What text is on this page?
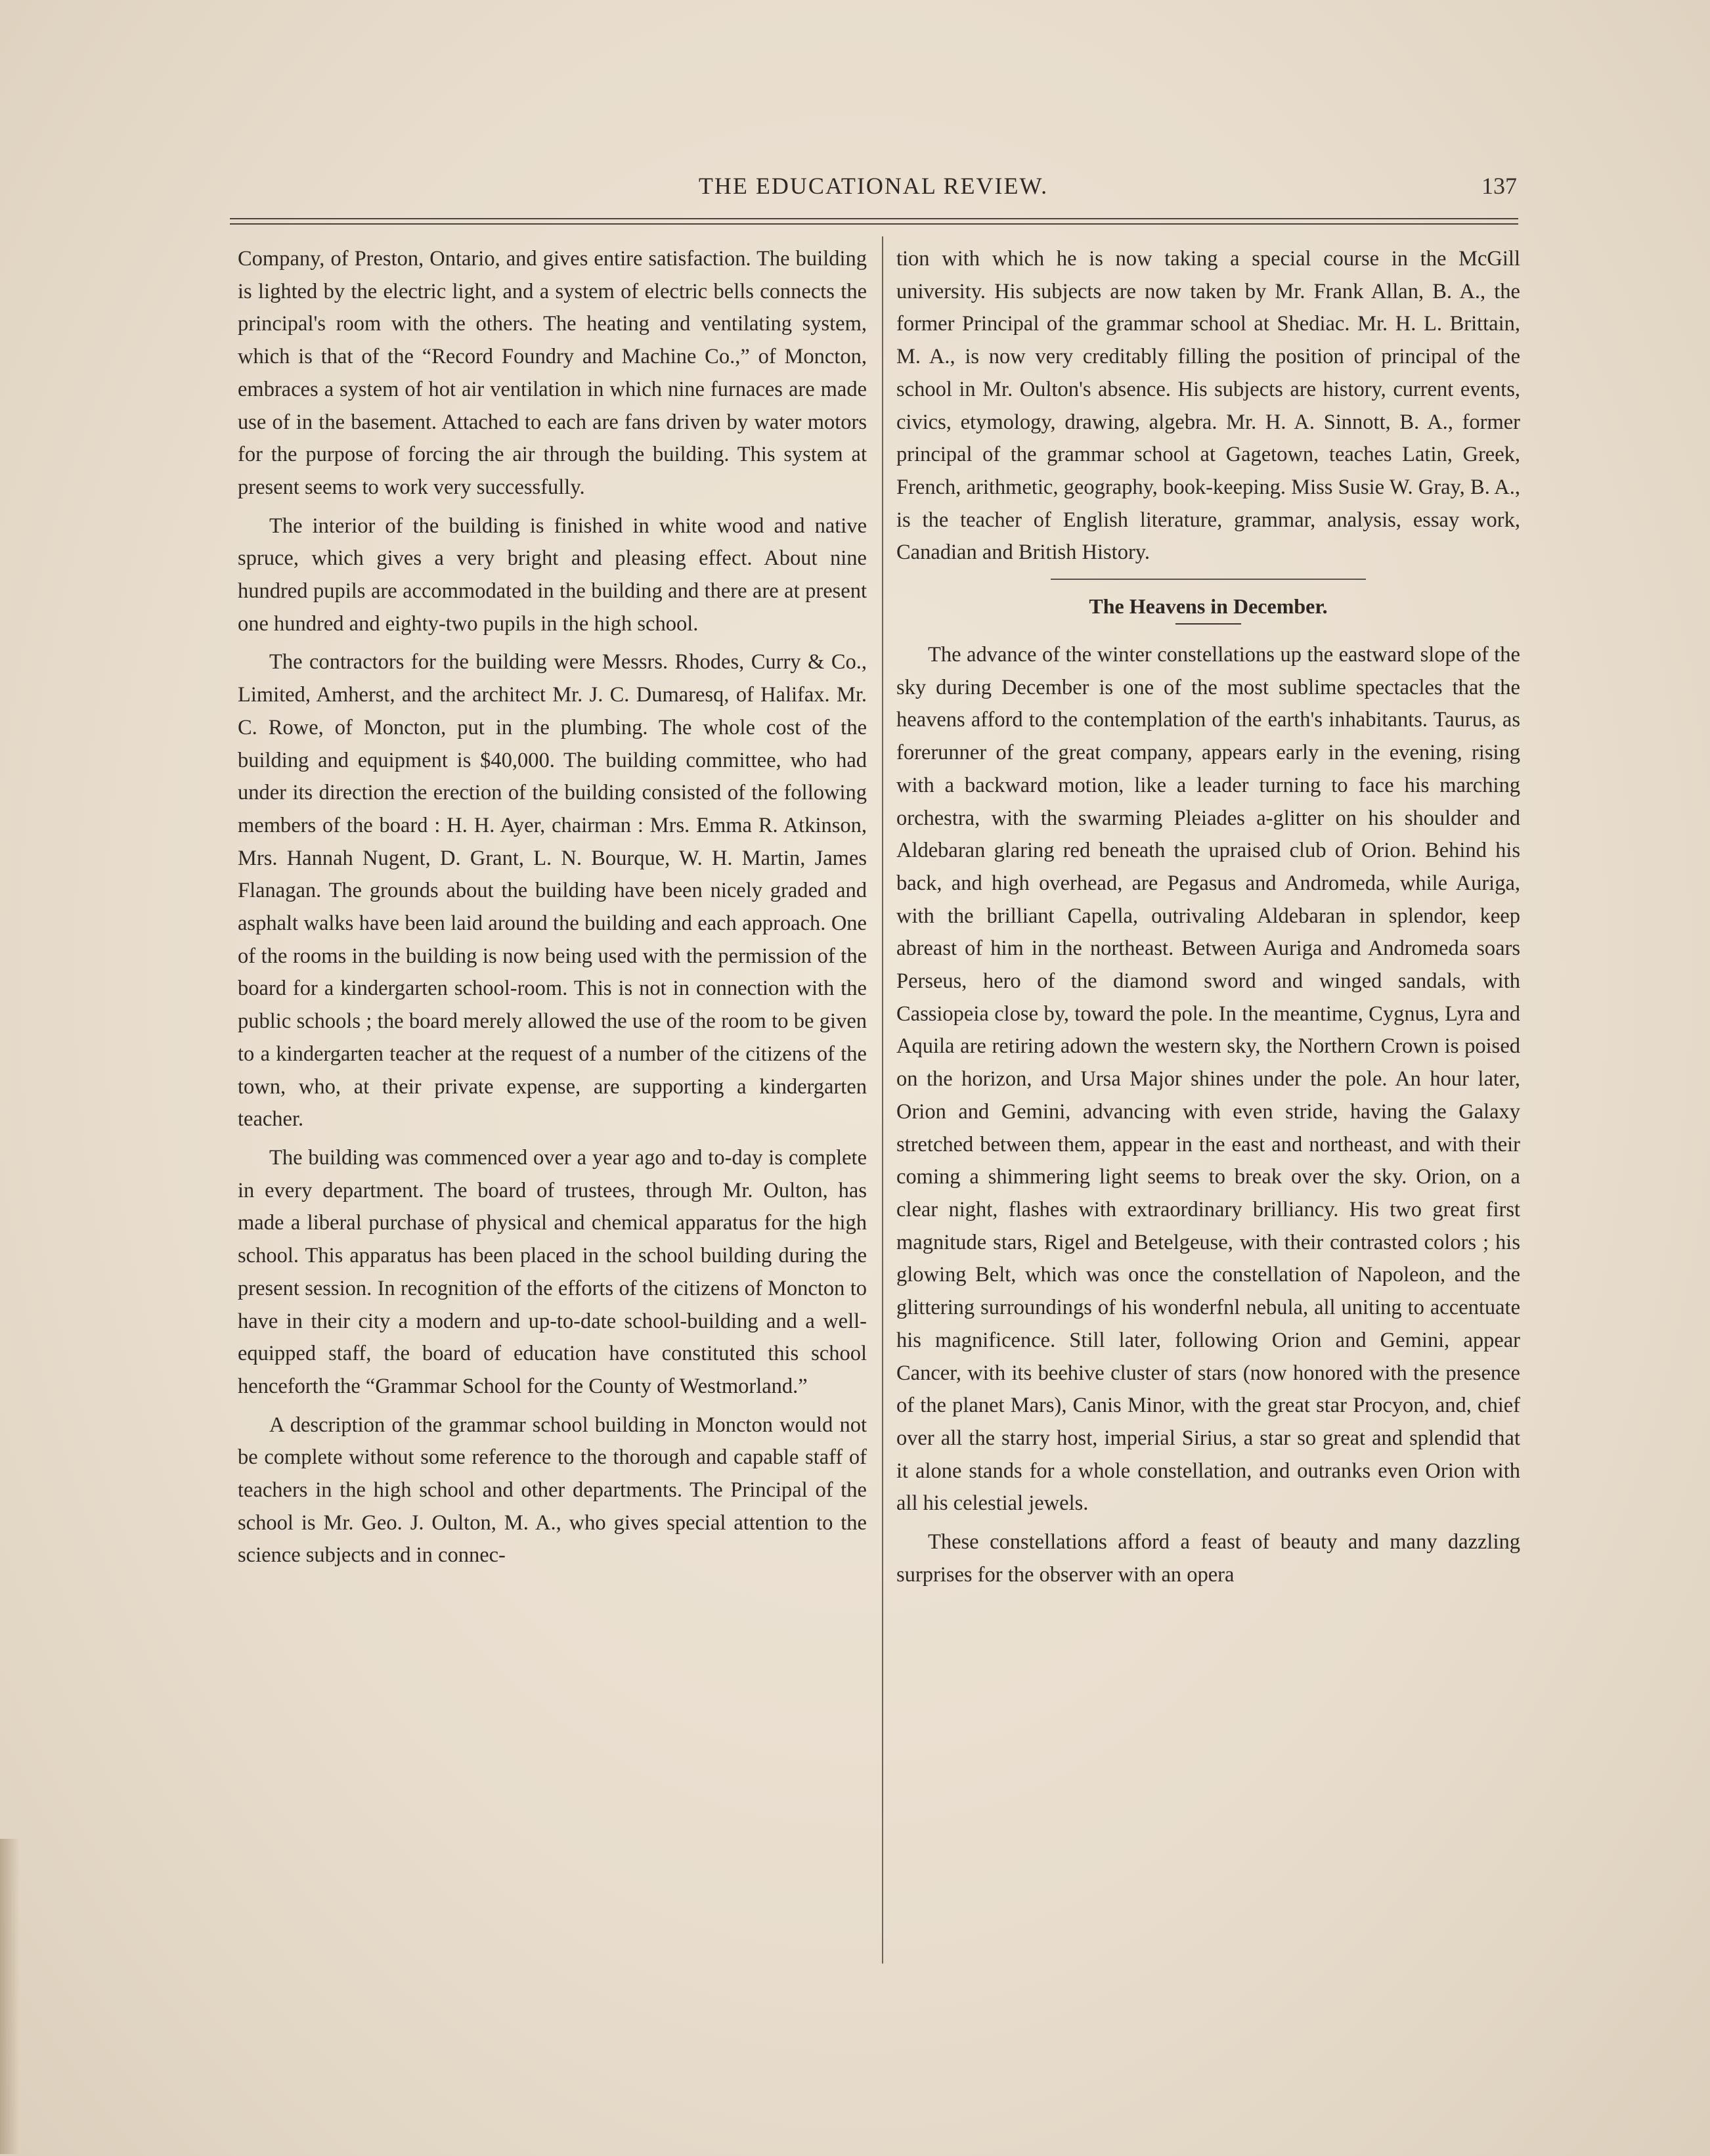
THE EDUCATIONAL REVIEW.	137

Company, of Preston, Ontario, and gives entire satisfaction. The building is lighted by the electric light, and a system of electric bells connects the principal's room with the others. The heating and ventilating system, which is that of the “Record Foundry and Machine Co.,” of Moncton, embraces a system of hot air ventilation in which nine furnaces are made use of in the basement. Attached to each are fans driven by water motors for the purpose of forcing the air through the building. This system at present seems to work very successfully.

The interior of the building is finished in white wood and native spruce, which gives a very bright and pleasing effect. About nine hundred pupils are accommodated in the building and there are at present one hundred and eighty-two pupils in the high school.

The contractors for the building were Messrs. Rhodes, Curry & Co., Limited, Amherst, and the architect Mr. J. C. Dumaresq, of Halifax. Mr. C. Rowe, of Moncton, put in the plumbing. The whole cost of the building and equipment is $40,000. The building committee, who had under its direction the erection of the building consisted of the following members of the board : H. H. Ayer, chairman : Mrs. Emma R. Atkinson, Mrs. Hannah Nugent, D. Grant, L. N. Bourque, W. H. Martin, James Flanagan. The grounds about the building have been nicely graded and asphalt walks have been laid around the building and each approach. One of the rooms in the building is now being used with the permission of the board for a kindergarten school-room. This is not in connection with the public schools ; the board merely allowed the use of the room to be given to a kindergarten teacher at the request of a number of the citizens of the town, who, at their private expense, are supporting a kindergarten teacher.

The building was commenced over a year ago and to-day is complete in every department. The board of trustees, through Mr. Oulton, has made a liberal purchase of physical and chemical apparatus for the high school. This apparatus has been placed in the school building during the present session. In recognition of the efforts of the citizens of Moncton to have in their city a modern and up-to-date school-building and a well-equipped staff, the board of education have constituted this school henceforth the “Grammar School for the County of Westmorland.”

A description of the grammar school building in Moncton would not be complete without some reference to the thorough and capable staff of teachers in the high school and other departments. The Principal of the school is Mr. Geo. J. Oulton, M. A., who gives special attention to the science subjects and in connec-

tion with which he is now taking a special course in the McGill university. His subjects are now taken by Mr. Frank Allan, B. A., the former Principal of the grammar school at Shediac. Mr. H. L. Brittain, M. A., is now very creditably filling the position of principal of the school in Mr. Oulton's absence. His subjects are history, current events, civics, etymology, drawing, algebra. Mr. H. A. Sinnott, B. A., former principal of the grammar school at Gagetown, teaches Latin, Greek, French, arithmetic, geography, book-keeping. Miss Susie W. Gray, B. A., is the teacher of English literature, grammar, analysis, essay work, Canadian and British History.

The Heavens in December.

The advance of the winter constellations up the eastward slope of the sky during December is one of the most sublime spectacles that the heavens afford to the contemplation of the earth's inhabitants. Taurus, as forerunner of the great company, appears early in the evening, rising with a backward motion, like a leader turning to face his marching orchestra, with the swarming Pleiades a-glitter on his shoulder and Aldebaran glaring red beneath the upraised club of Orion. Behind his back, and high overhead, are Pegasus and Andromeda, while Auriga, with the brilliant Capella, outrivaling Aldebaran in splendor, keep abreast of him in the northeast. Between Auriga and Andromeda soars Perseus, hero of the diamond sword and winged sandals, with Cassiopeia close by, toward the pole. In the meantime, Cygnus, Lyra and Aquila are retiring adown the western sky, the Northern Crown is poised on the horizon, and Ursa Major shines under the pole. An hour later, Orion and Gemini, advancing with even stride, having the Galaxy stretched between them, appear in the east and northeast, and with their coming a shimmering light seems to break over the sky. Orion, on a clear night, flashes with extraordinary brilliancy. His two great first magnitude stars, Rigel and Betelgeuse, with their contrasted colors ; his glowing Belt, which was once the constellation of Napoleon, and the glittering surroundings of his wonderfnl nebula, all uniting to accentuate his magnificence. Still later, following Orion and Gemini, appear Cancer, with its beehive cluster of stars (now honored with the presence of the planet Mars), Canis Minor, with the great star Procyon, and, chief over all the starry host, imperial Sirius, a star so great and splendid that it alone stands for a whole constellation, and outranks even Orion with all his celestial jewels.

These constellations afford a feast of beauty and many dazzling surprises for the observer with an opera
